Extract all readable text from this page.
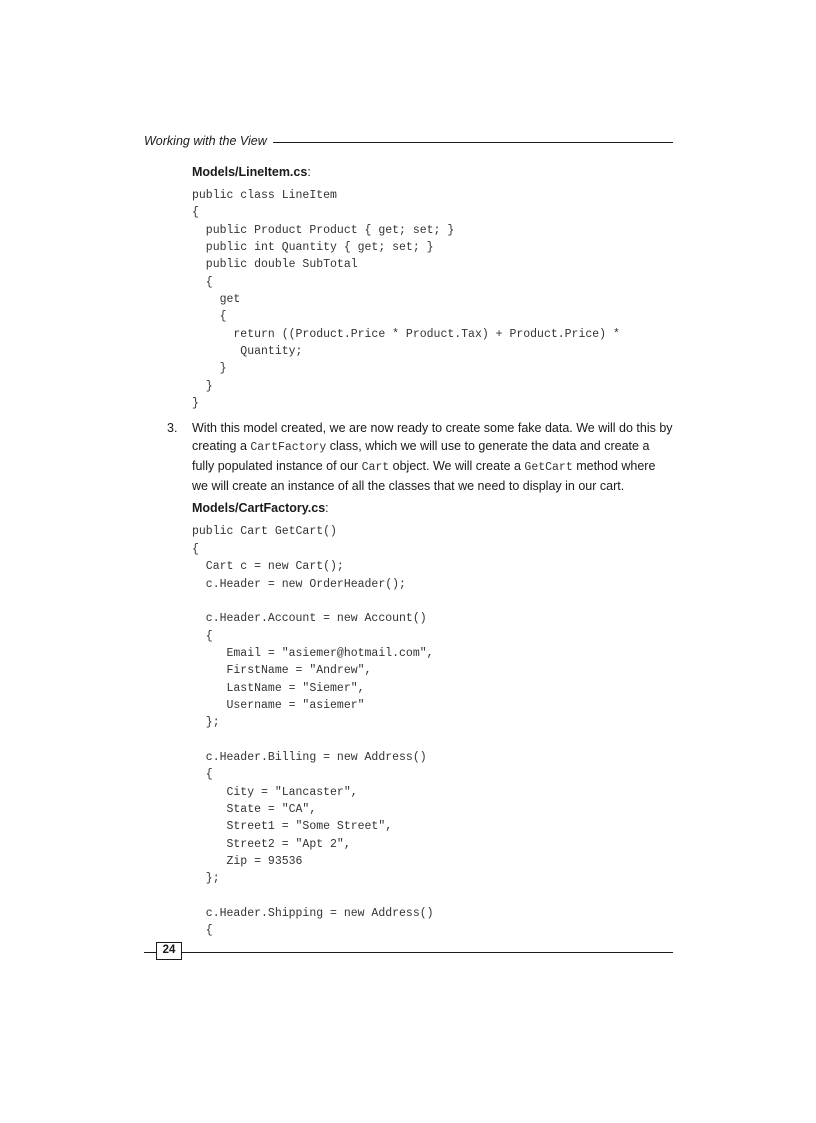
Working with the View

Models/LineItem.cs:

public class LineItem
{
public Product Product { get; set; }
public int Quantity { get; set; }
public double SubTotal
{
get
{
return ((Product.Price * Product.Tax) + Product.Price) *
Quantity;
}
}
}
3. With this model created, we are now ready to create some fake data. We will do this by creating a CartFactory class, which we will use to generate the data and create a fully populated instance of our Cart object. We will create a GetCart method where we will create an instance of all the classes that we need to display in our cart.

Models/CartFactory.cs:

public Cart GetCart()
{
Cart c = new Cart();
c.Header = new OrderHeader();

c.Header.Account = new Account()
{
Email = "asiemer@hotmail.com",
FirstName = "Andrew",
LastName = "Siemer",
Username = "asiemer"
};

c.Header.Billing = new Address()
{
City = "Lancaster",
State = "CA",
Street1 = "Some Street",
Street2 = "Apt 2",
Zip = 93536
};

c.Header.Shipping = new Address()
{
24
